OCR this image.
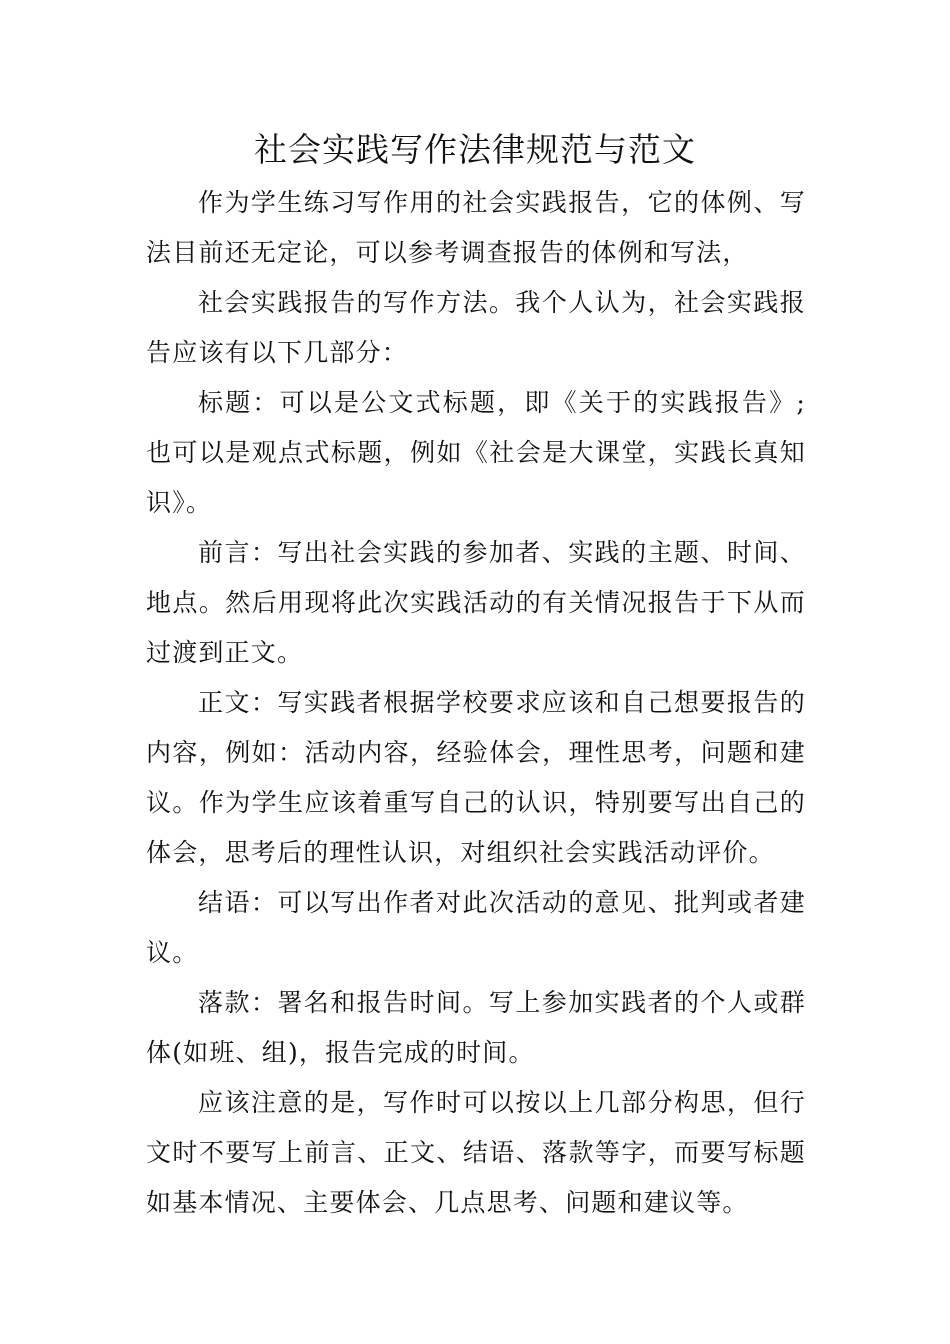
社会实践写作法律规范与范文

作为学生练习写作用的社会实践报告，它的体例、写法目前还无定论，可以参考调查报告的体例和写法，

社会实践报告的写作方法。我个人认为，社会实践报告应该有以下几部分：

标题：可以是公文式标题，即《关于的实践报告》;也可以是观点式标题，例如《社会是大课堂，实践长真知识》。

前言：写出社会实践的参加者、实践的主题、时间、地点。然后用现将此次实践活动的有关情况报告于下从而过渡到正文。

正文：写实践者根据学校要求应该和自己想要报告的内容，例如：活动内容，经验体会，理性思考，问题和建议。作为学生应该着重写自己的认识，特别要写出自己的体会，思考后的理性认识，对组织社会实践活动评价。

结语：可以写出作者对此次活动的意见、批判或者建议。

落款：署名和报告时间。写上参加实践者的个人或群体(如班、组)，报告完成的时间。

应该注意的是，写作时可以按以上几部分构思，但行文时不要写上前言、正文、结语、落款等字，而要写标题如基本情况、主要体会、几点思考、问题和建议等。
